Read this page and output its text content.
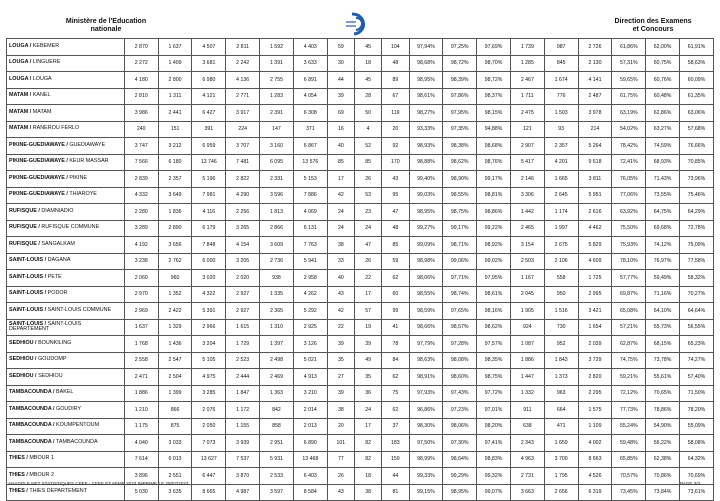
Ministère de l'Education
nationale
Direction des Examens
et Concours
LOUGA / KEBEMER	2 870	1 637	4 507	2 811	1 592	4 403	59	45	104	97,94%	97,25%	97,69%	1 739	987	2 726	61,86%	62,00%	61,91%
LOUGA / LINGUERE	2 272	1 409	3 681	2 242	1 391	3 633	30	18	48	98,68%	98,72%	98,70%	1 285	845	2 130	57,31%	60,75%	58,63%
LOUGA / LOUGA	4 180	2 800	6 980	4 136	2 755	6 891	44	45	89	98,95%	98,39%	98,72%	2 467	1 674	4 141	59,65%	60,76%	60,09%
MATAM / KANEL	2 810	1 311	4 121	2 771	1 283	4 054	39	28	67	98,61%	97,86%	98,37%	1 711	776	2 487	61,75%	60,48%	61,35%
MATAM / MATAM	3 986	2 441	6 427	3 917	2 391	6 308	69	50	119	98,27%	97,95%	98,15%	2 475	1 503	3 978	63,19%	62,86%	63,06%
MATAM / RANEROU FERLO	240	151	391	224	147	371	16	4	20	93,33%	97,35%	94,88%	121	93	214	54,02%	63,27%	57,68%
PIKINE-GUEDIAWAYE / GUEDIAWAYE	3 747	3 212	6 959	3 707	3 160	6 867	40	52	92	98,93%	98,38%	98,68%	2 907	2 357	5 264	78,42%	74,59%	76,66%
PIKINE-GUEDIAWAYE / KEUR MASSAR	7 566	6 180	13 746	7 481	6 095	13 576	85	85	170	98,88%	98,62%	98,76%	5 417	4 201	9 618	72,41%	68,93%	70,85%
PIKINE-GUEDIAWAYE / PIKINE	2 839	2 357	5 196	2 822	2 331	5 153	17	26	43	99,40%	98,90%	99,17%	2 146	1 665	3 811	76,05%	71,43%	73,96%
PIKINE-GUEDIAWAYE / THIAROYE	4 332	3 649	7 981	4 290	3 596	7 886	42	53	95	99,03%	98,55%	98,81%	3 306	2 645	5 951	77,06%	73,55%	75,46%
RUFISQUE / DIAMNIADIO	2 280	1 836	4 116	2 256	1 813	4 069	24	23	47	98,95%	98,75%	98,86%	1 442	1 174	2 616	63,92%	64,75%	64,29%
RUFISQUE / RUFISQUE COMMUNE	3 289	2 890	6 179	3 265	2 866	6 131	24	24	48	99,27%	99,17%	99,22%	2 465	1 997	4 462	75,50%	69,68%	72,78%
RUFISQUE / SANGALKAM	4 192	3 656	7 848	4 154	3 609	7 763	38	47	85	99,09%	98,71%	98,92%	3 154	2 675	5 829	75,93%	74,12%	75,09%
SAINT-LOUIS / DAGANA	3 238	2 762	6 000	3 205	2 736	5 941	33	26	59	98,98%	99,06%	99,02%	2 503	2 106	4 609	78,10%	76,97%	77,58%
SAINT-LOUIS / PETE	2 060	960	3 020	2 020	938	2 958	40	22	62	98,06%	97,71%	97,95%	1 167	558	1 725	57,77%	59,49%	58,32%
SAINT-LOUIS / PODOR	2 970	1 352	4 322	2 927	1 335	4 262	43	17	60	98,55%	98,74%	98,61%	2 045	950	2 995	69,87%	71,16%	70,27%
SAINT-LOUIS / SAINT-LOUIS COMMUNE	2 969	2 422	5 391	2 927	2 365	5 292	42	57	99	98,59%	97,65%	98,16%	1 905	1 516	3 421	65,08%	64,10%	64,64%
SAINT-LOUIS / SAINT-LOUIS DEPARTEMENT	1 637	1 329	2 966	1 615	1 310	2 925	22	19	41	98,66%	98,57%	98,62%	924	730	1 654	57,21%	55,73%	56,55%
SEDHIOU / BOUNKILING	1 768	1 436	3 204	1 729	1 397	3 126	39	39	78	97,79%	97,28%	97,57%	1 087	952	2 039	62,87%	68,15%	65,23%
SEDHIOU / GOUDOMP	2 558	2 547	5 105	2 523	2 498	5 021	35	49	84	98,63%	98,08%	98,35%	1 886	1 843	3 729	74,75%	73,78%	74,27%
SEDHIOU / SEDHIOU	2 471	2 504	4 975	2 444	2 469	4 913	27	35	62	98,91%	98,60%	98,75%	1 447	1 373	2 820	59,21%	55,61%	57,40%
TAMBACOUNDA / BAKEL	1 886	1 399	3 285	1 847	1 363	3 210	39	36	75	97,93%	97,43%	97,72%	1 332	963	2 295	72,12%	70,65%	71,50%
TAMBACOUNDA / GOUDIRY	1 210	866	2 076	1 172	842	2 014	38	24	62	96,86%	97,23%	97,01%	911	664	1 575	77,73%	78,86%	78,20%
TAMBACOUNDA / KOUMPENTOUM	1 175	875	2 050	1 155	858	2 013	20	17	37	98,30%	98,06%	98,20%	638	471	1 109	55,24%	54,90%	55,09%
TAMBACOUNDA / TAMBACOUNDA	4 040	3 033	7 073	3 939	2 951	6 890	101	82	183	97,50%	97,30%	97,41%	2 343	1 659	4 002	59,48%	56,22%	58,08%
THIES / MBOUR 1	7 614	6 013	13 627	7 537	5 931	13 468	77	82	159	98,99%	98,64%	98,83%	4 963	3 700	8 663	65,85%	62,38%	64,32%
THIES / MBOUR 2	3 896	2 551	6 447	3 870	2 533	6 403	26	18	44	99,33%	99,29%	99,32%	2 731	1 795	4 526	70,57%	70,86%	70,69%
THIES / THIES DEPARTEMENT	5 030	3 635	8 665	4 987	3 597	8 584	43	38	81	99,15%	98,95%	99,07%	3 663	2 656	6 319	73,45%	73,84%	73,61%
ANADOLE.NET STATISTIQUES CFEE - CFEE ET 6EME 2023 IMPRIME LE 29/07/2023	PAGE 3/3
